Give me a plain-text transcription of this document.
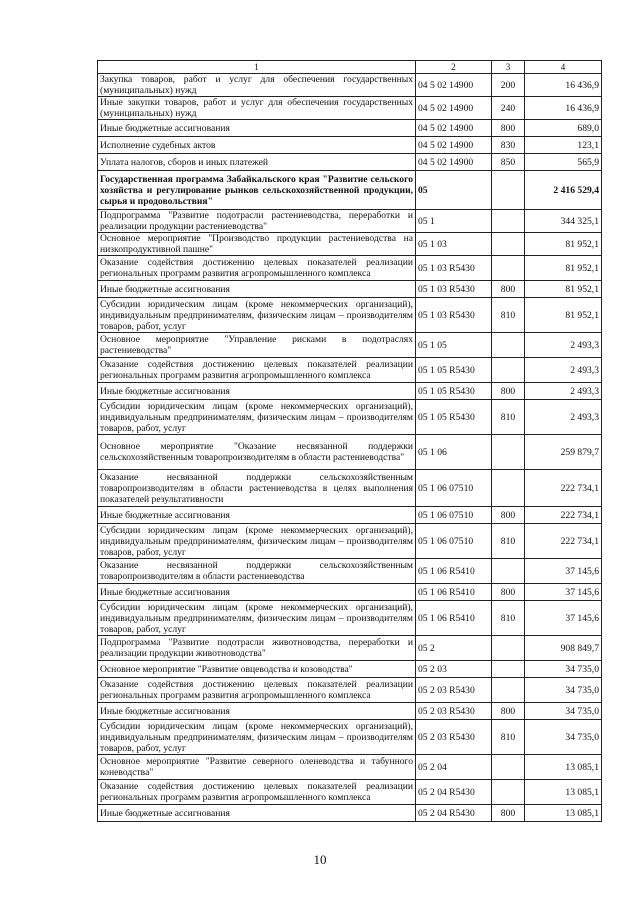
1	2	3	4
Закупка товаров, работ и услуг для обеспечения государственных (муниципальных) нужд	04 5 02 14900	200	16 436,9
Иные закупки товаров, работ и услуг для обеспечения государственных (муниципальных) нужд	04 5 02 14900	240	16 436,9
Иные бюджетные ассигнования	04 5 02 14900	800	689,0
Исполнение судебных актов	04 5 02 14900	830	123,1
Уплата налогов, сборов и иных платежей	04 5 02 14900	850	565,9
Государственная программа Забайкальского края "Развитие сельского хозяйства и регулирование рынков сельскохозяйственной продукции, сырья и продовольствия"	05		2 416 529,4
Подпрограмма "Развитие подотрасли растениеводства, переработки и реализации продукции растениеводства"	05 1		344 325,1
Основное мероприятие "Производство продукции растениеводства на низкопродуктивной пашне"	05 1 03		81 952,1
Оказание содействия достижению целевых показателей реализации региональных программ развития агропромышленного комплекса	05 1 03 R5430		81 952,1
Иные бюджетные ассигнования	05 1 03 R5430	800	81 952,1
Субсидии юридическим лицам (кроме некоммерческих организаций), индивидуальным предпринимателям, физическим лицам – производителям товаров, работ, услуг	05 1 03 R5430	810	81 952,1
Основное мероприятие "Управление рисками в подотраслях растениеводства"	05 1 05		2 493,3
Оказание содействия достижению целевых показателей реализации региональных программ развития агропромышленного комплекса	05 1 05 R5430		2 493,3
Иные бюджетные ассигнования	05 1 05 R5430	800	2 493,3
Субсидии юридическим лицам (кроме некоммерческих организаций), индивидуальным предпринимателям, физическим лицам – производителям товаров, работ, услуг	05 1 05 R5430	810	2 493,3
Основное мероприятие "Оказание несвязанной поддержки сельскохозяйственным товаропроизводителям в области растениеводства"	05 1 06		259 879,7
Оказание несвязанной поддержки сельскохозяйственным товаропроизводителям в области растениеводства в целях выполнения показателей результативности	05 1 06 07510		222 734,1
Иные бюджетные ассигнования	05 1 06 07510	800	222 734,1
Субсидии юридическим лицам (кроме некоммерческих организаций), индивидуальным предпринимателям, физическим лицам – производителям товаров, работ, услуг	05 1 06 07510	810	222 734,1
Оказание несвязанной поддержки сельскохозяйственным товаропроизводителям в области растениеводства	05 1 06 R5410		37 145,6
Иные бюджетные ассигнования	05 1 06 R5410	800	37 145,6
Субсидии юридическим лицам (кроме некоммерческих организаций), индивидуальным предпринимателям, физическим лицам – производителям товаров, работ, услуг	05 1 06 R5410	810	37 145,6
Подпрограмма "Развитие подотрасли животноводства, переработки и реализации продукции животноводства"	05 2		908 849,7
Основное мероприятие "Развитие овцеводства и козоводства"	05 2 03		34 735,0
Оказание содействия достижению целевых показателей реализации региональных программ развития агропромышленного комплекса	05 2 03 R5430		34 735,0
Иные бюджетные ассигнования	05 2 03 R5430	800	34 735,0
Субсидии юридическим лицам (кроме некоммерческих организаций), индивидуальным предпринимателям, физическим лицам – производителям товаров, работ, услуг	05 2 03 R5430	810	34 735,0
Основное мероприятие "Развитие северного оленеводства и табунного коневодства"	05 2 04		13 085,1
Оказание содействия достижению целевых показателей реализации региональных программ развития агропромышленного комплекса	05 2 04 R5430		13 085,1
Иные бюджетные ассигнования	05 2 04 R5430	800	13 085,1
10
